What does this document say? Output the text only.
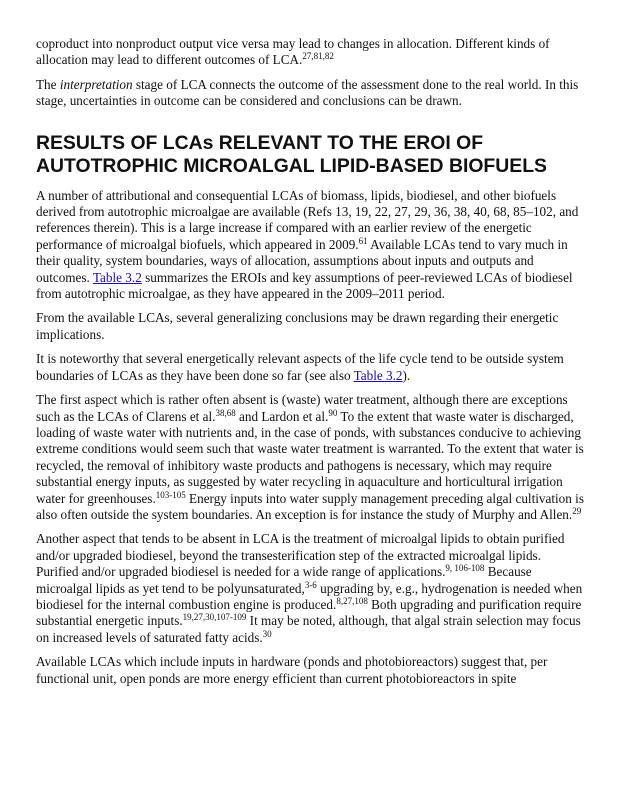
coproduct into nonproduct output vice versa may lead to changes in allocation. Different kinds of allocation may lead to different outcomes of LCA.$^{27,81,82}$

The interpretation stage of LCA connects the outcome of the assessment done to the real world. In this stage, uncertainties in outcome can be considered and conclusions can be drawn.

RESULTS OF LCAs RELEVANT TO THE EROI OF AUTOTROPHIC MICROALGAL LIPID-BASED BIOFUELS

A number of attributional and consequential LCAs of biomass, lipids, biodiesel, and other biofuels derived from autotrophic microalgae are available (Refs 13, 19, 22, 27, 29, 36, 38, 40, 68, 85–102, and references therein). This is a large increase if compared with an earlier review of the energetic performance of microalgal biofuels, which appeared in 2009.61 Available LCAs tend to vary much in their quality, system boundaries, ways of allocation, assumptions about inputs and outputs and outcomes. Table 3.2 summarizes the EROIs and key assumptions of peer-reviewed LCAs of biodiesel from autotrophic microalgae, as they have appeared in the 2009–2011 period.

From the available LCAs, several generalizing conclusions may be drawn regarding their energetic implications.

It is noteworthy that several energetically relevant aspects of the life cycle tend to be outside system boundaries of LCAs as they have been done so far (see also Table 3.2).

The first aspect which is rather often absent is (waste) water treatment, although there are exceptions such as the LCAs of Clarens et al.$^{38,68}$ and Lardon et al.$^{90}$ To the extent that waste water is discharged, loading of waste water with nutrients and, in the case of ponds, with substances conducive to achieving extreme conditions would seem such that waste water treatment is warranted. To the extent that water is recycled, the removal of inhibitory waste products and pathogens is necessary, which may require substantial energy inputs, as suggested by water recycling in aquaculture and horticultural irrigation water for greenhouses.$^{103-105}$ Energy inputs into water supply management preceding algal cultivation is also often outside the system boundaries. An exception is for instance the study of Murphy and Allen.$^{29}$

Another aspect that tends to be absent in LCA is the treatment of microalgal lipids to obtain purified and/or upgraded biodiesel, beyond the transesterification step of the extracted microalgal lipids. Purified and/or upgraded biodiesel is needed for a wide range of applications.$^{9, 106-108}$ Because microalgal lipids as yet tend to be polyunsaturated,$^{3-6}$ upgrading by, e.g., hydrogenation is needed when biodiesel for the internal combustion engine is produced.$^{8,27,108}$ Both upgrading and purification require substantial energetic inputs.$^{19,27,30,107-109}$ It may be noted, although, that algal strain selection may focus on increased levels of saturated fatty acids.$^{30}$

Available LCAs which include inputs in hardware (ponds and photobioreactors) suggest that, per functional unit, open ponds are more energy efficient than current photobioreactors in spite
